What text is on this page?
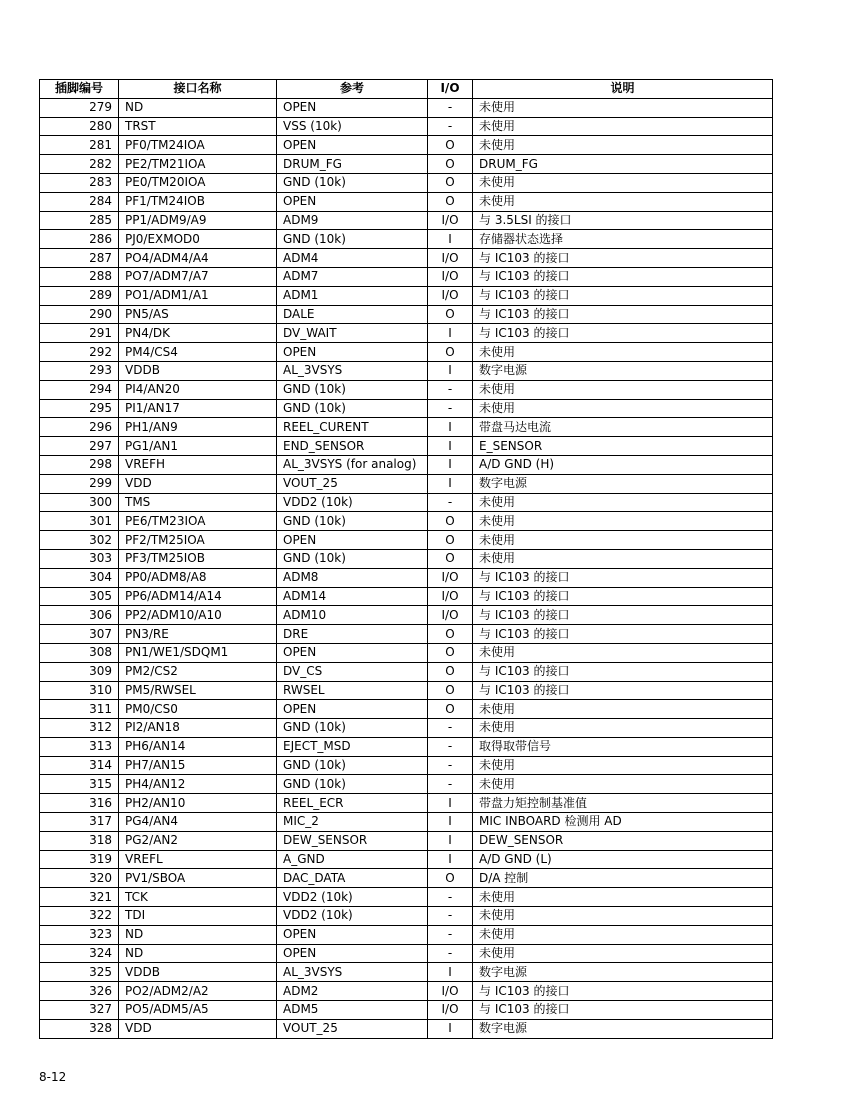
插脚编号	接口名称	参考	I/O	说明
279	ND	OPEN	-	未使用
280	TRST	VSS (10k)	-	未使用
281	PF0/TM24IOA	OPEN	O	未使用
282	PE2/TM21IOA	DRUM_FG	O	DRUM_FG
283	PE0/TM20IOA	GND (10k)	O	未使用
284	PF1/TM24IOB	OPEN	O	未使用
285	PP1/ADM9/A9	ADM9	I/O	与 3.5LSI 的接口
286	PJ0/EXMOD0	GND (10k)	I	存储器状态选择
287	PO4/ADM4/A4	ADM4	I/O	与 IC103 的接口
288	PO7/ADM7/A7	ADM7	I/O	与 IC103 的接口
289	PO1/ADM1/A1	ADM1	I/O	与 IC103 的接口
290	PN5/AS	DALE	O	与 IC103 的接口
291	PN4/DK	DV_WAIT	I	与 IC103 的接口
292	PM4/CS4	OPEN	O	未使用
293	VDDB	AL_3VSYS	I	数字电源
294	PI4/AN20	GND (10k)	-	未使用
295	PI1/AN17	GND (10k)	-	未使用
296	PH1/AN9	REEL_CURENT	I	带盘马达电流
297	PG1/AN1	END_SENSOR	I	E_SENSOR
298	VREFH	AL_3VSYS (for analog)	I	A/D GND (H)
299	VDD	VOUT_25	I	数字电源
300	TMS	VDD2 (10k)	-	未使用
301	PE6/TM23IOA	GND (10k)	O	未使用
302	PF2/TM25IOA	OPEN	O	未使用
303	PF3/TM25IOB	GND (10k)	O	未使用
304	PP0/ADM8/A8	ADM8	I/O	与 IC103 的接口
305	PP6/ADM14/A14	ADM14	I/O	与 IC103 的接口
306	PP2/ADM10/A10	ADM10	I/O	与 IC103 的接口
307	PN3/RE	DRE	O	与 IC103 的接口
308	PN1/WE1/SDQM1	OPEN	O	未使用
309	PM2/CS2	DV_CS	O	与 IC103 的接口
310	PM5/RWSEL	RWSEL	O	与 IC103 的接口
311	PM0/CS0	OPEN	O	未使用
312	PI2/AN18	GND (10k)	-	未使用
313	PH6/AN14	EJECT_MSD	-	取得取带信号
314	PH7/AN15	GND (10k)	-	未使用
315	PH4/AN12	GND (10k)	-	未使用
316	PH2/AN10	REEL_ECR	I	带盘力矩控制基准值
317	PG4/AN4	MIC_2	I	MIC INBOARD 检测用 AD
318	PG2/AN2	DEW_SENSOR	I	DEW_SENSOR
319	VREFL	A_GND	I	A/D GND (L)
320	PV1/SBOA	DAC_DATA	O	D/A 控制
321	TCK	VDD2 (10k)	-	未使用
322	TDI	VDD2 (10k)	-	未使用
323	ND	OPEN	-	未使用
324	ND	OPEN	-	未使用
325	VDDB	AL_3VSYS	I	数字电源
326	PO2/ADM2/A2	ADM2	I/O	与 IC103 的接口
327	PO5/ADM5/A5	ADM5	I/O	与 IC103 的接口
328	VDD	VOUT_25	I	数字电源
8-12
